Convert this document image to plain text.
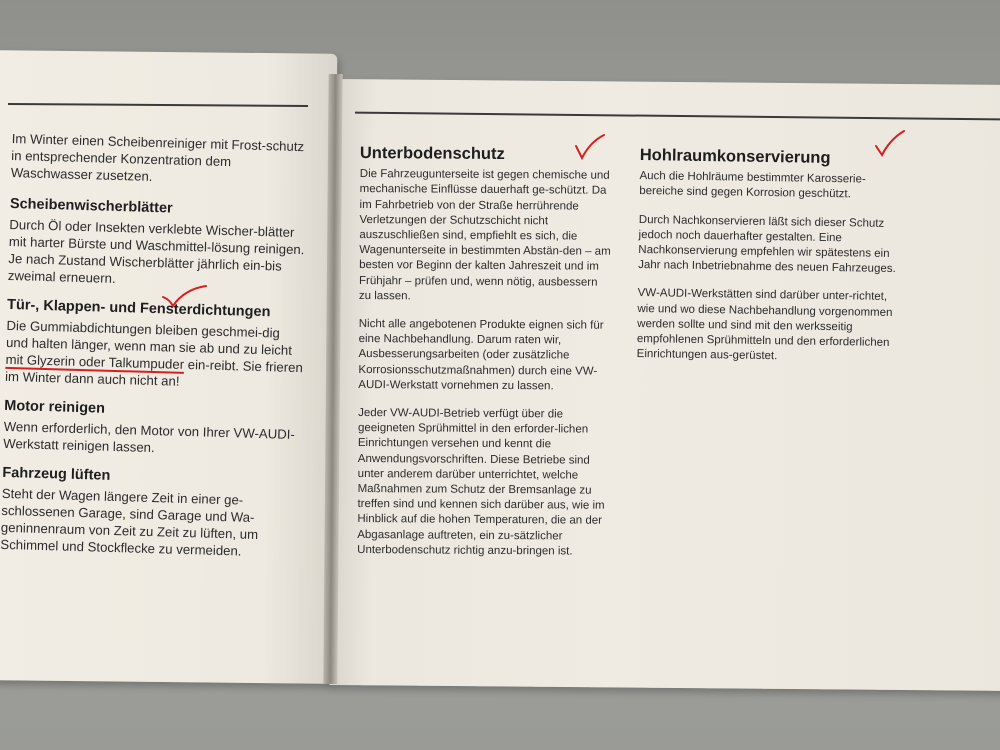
Im Winter einen Scheibenreiniger mit Frost-schutz in entsprechender Konzentration dem Waschwasser zusetzen.

Scheibenwischerblätter

Durch Öl oder Insekten verklebte Wischer-blätter mit harter Bürste und Waschmittel-lösung reinigen.

Je nach Zustand Wischerblätter jährlich ein-bis zweimal erneuern.

Tür-, Klappen- und Fensterdichtungen

Die Gummiabdichtungen bleiben geschmei-dig und halten länger, wenn man sie ab und zu leicht mit Glyzerin oder Talkumpuder ein-reibt. Sie frieren im Winter dann auch nicht an!

Motor reinigen

Wenn erforderlich, den Motor von Ihrer VW-AUDI-Werkstatt reinigen lassen.

Fahrzeug lüften

Steht der Wagen längere Zeit in einer ge-schlossenen Garage, sind Garage und Wa-geninnenraum von Zeit zu Zeit zu lüften, um Schimmel und Stockflecke zu vermeiden.

Unterbodenschutz

Die Fahrzeugunterseite ist gegen chemische und mechanische Einflüsse dauerhaft ge-schützt. Da im Fahrbetrieb von der Straße herrührende Verletzungen der Schutzschicht nicht auszuschließen sind, empfiehlt es sich, die Wagenunterseite in bestimmten Abstän-den – am besten vor Beginn der kalten Jahreszeit und im Frühjahr – prüfen und, wenn nötig, ausbessern zu lassen.

Nicht alle angebotenen Produkte eignen sich für eine Nachbehandlung. Darum raten wir, Ausbesserungsarbeiten (oder zusätzliche Korrosionsschutzmaßnahmen) durch eine VW-AUDI-Werkstatt vornehmen zu lassen.

Jeder VW-AUDI-Betrieb verfügt über die geeigneten Sprühmittel in den erforder-lichen Einrichtungen versehen und kennt die Anwendungsvorschriften. Diese Betriebe sind unter anderem darüber unterrichtet, welche Maßnahmen zum Schutz der Bremsanlage zu treffen sind und kennen sich darüber aus, wie im Hinblick auf die hohen Temperaturen, die an der Abgasanlage auftreten, ein zu-sätzlicher Unterbodenschutz richtig anzu-bringen ist.

Hohlraumkonservierung

Auch die Hohlräume bestimmter Karosserie-bereiche sind gegen Korrosion geschützt.

Durch Nachkonservieren läßt sich dieser Schutz jedoch noch dauerhafter gestalten. Eine Nachkonservierung empfehlen wir spätestens ein Jahr nach Inbetriebnahme des neuen Fahrzeuges.

VW-AUDI-Werkstätten sind darüber unter-richtet, wie und wo diese Nachbehandlung vorgenommen werden sollte und sind mit den werksseitig empfohlenen Sprühmitteln und den erforderlichen Einrichtungen aus-gerüstet.
